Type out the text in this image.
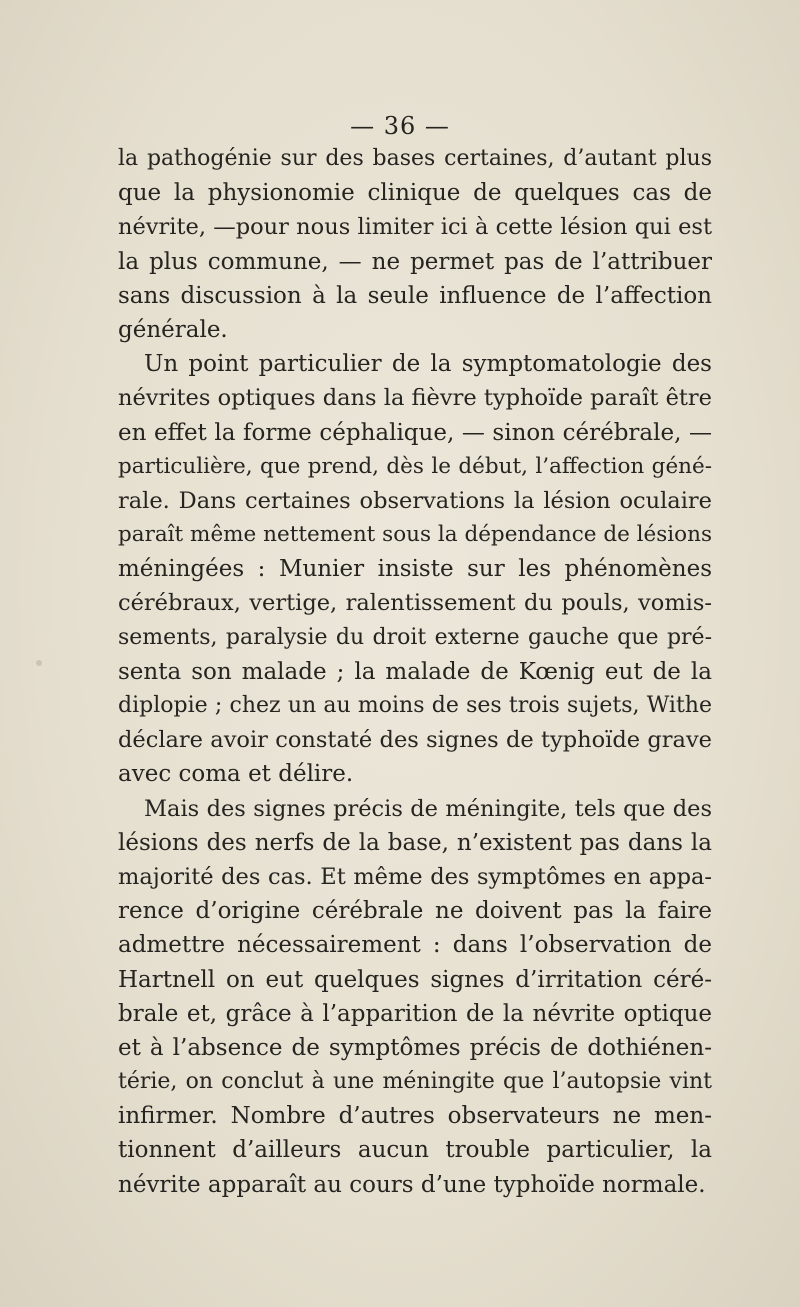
— 36 —
la pathogénie sur des bases certaines, d’autant plus
que la physionomie clinique de quelques cas de
névrite, —pour nous limiter ici à cette lésion qui est
la plus commune, — ne permet pas de l’attribuer
sans discussion à la seule influence de l’affection
générale.
Un point particulier de la symptomatologie des
névrites optiques dans la fièvre typhoïde paraît être
en effet la forme céphalique, — sinon cérébrale, —
particulière, que prend, dès le début, l’affection géné-
rale. Dans certaines observations la lésion oculaire
paraît même nettement sous la dépendance de lésions
méningées : Munier insiste sur les phénomènes
cérébraux, vertige, ralentissement du pouls, vomis-
sements, paralysie du droit externe gauche que pré-
senta son malade ; la malade de Kœnig eut de la
diplopie ; chez un au moins de ses trois sujets, Withe
déclare avoir constaté des signes de typhoïde grave
avec coma et délire.
Mais des signes précis de méningite, tels que des
lésions des nerfs de la base, n’existent pas dans la
majorité des cas. Et même des symptômes en appa-
rence d’origine cérébrale ne doivent pas la faire
admettre nécessairement : dans l’observation de
Hartnell on eut quelques signes d’irritation céré-
brale et, grâce à l’apparition de la névrite optique
et à l’absence de symptômes précis de dothiénen-
térie, on conclut à une méningite que l’autopsie vint
infirmer. Nombre d’autres observateurs ne men-
tionnent d’ailleurs aucun trouble particulier, la
névrite apparaît au cours d’une typhoïde normale.
